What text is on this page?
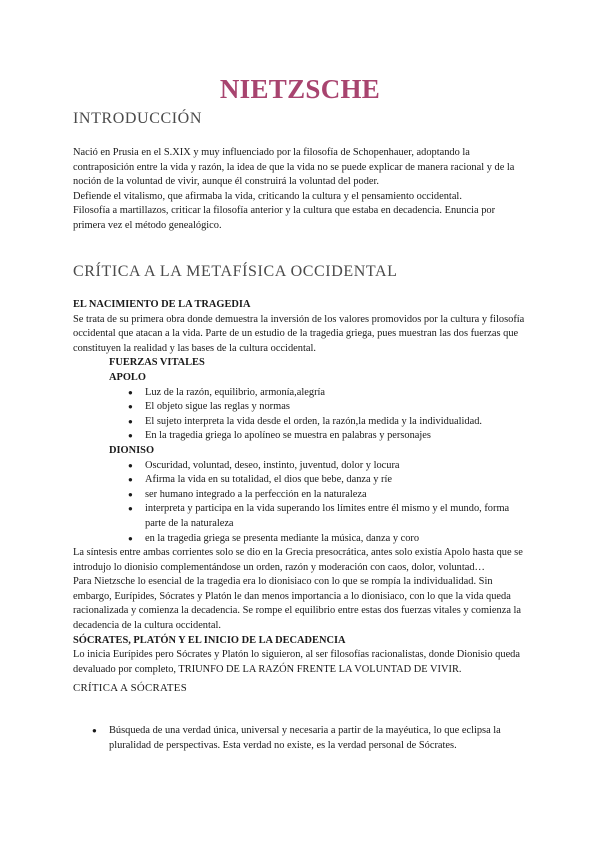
NIETZSCHE
INTRODUCCIÓN

Nació en Prusia en el S.XIX y muy influenciado por la filosofía de Schopenhauer, adoptando la contraposición entre la vida y razón, la idea de que la vida no se puede explicar de manera racional y de la noción de la voluntad de vivir, aunque él construirá la voluntad del poder.

Defiende el vitalismo, que afirmaba la vida, criticando la cultura y el pensamiento occidental.

Filosofía a martillazos, criticar la filosofía anterior y la cultura que estaba en decadencia. Enuncia por primera vez el método genealógico.

CRÍTICA A LA METAFÍSICA OCCIDENTAL

EL NACIMIENTO DE LA TRAGEDIA

Se trata de su primera obra donde demuestra la inversión de los valores promovidos por la cultura y filosofía occidental que atacan a la vida. Parte de un estudio de la tragedia griega, pues muestran las dos fuerzas que constituyen la realidad y las bases de la cultura occidental.

FUERZAS VITALES

APOLO

● Luz de la razón, equilibrio, armonía,alegría
● El objeto sigue las reglas y normas
● El sujeto interpreta la vida desde el orden, la razón,la medida y la individualidad.
● En la tragedia griega lo apolíneo se muestra en palabras y personajes

DIONISO

● Oscuridad, voluntad, deseo, instinto, juventud, dolor y locura
● Afirma la vida en su totalidad, el dios que bebe, danza y ríe
● ser humano integrado a la perfección en la naturaleza
● interpreta y participa en la vida superando los límites entre él mismo y el mundo, forma parte de la naturaleza
● en la tragedia griega se presenta mediante la música, danza y coro

La síntesis entre ambas corrientes solo se dio en la Grecia presocrática, antes solo existía Apolo hasta que se introdujo lo dionisio complementándose un orden, razón y moderación con caos, dolor, voluntad…

Para Nietzsche lo esencial de la tragedia era lo dionisiaco con lo que se rompía la individualidad. Sin embargo, Eurípides, Sócrates y Platón le dan menos importancia a lo dionisiaco, con lo que la vida queda racionalizada y comienza la decadencia. Se rompe el equilibrio entre estas dos fuerzas vitales y comienza la decadencia de la cultura occidental.

SÓCRATES, PLATÓN Y EL INICIO DE LA DECADENCIA

Lo inicia Eurípides pero Sócrates y Platón lo siguieron, al ser filosofías racionalistas, donde Dionisio queda devaluado por completo, TRIUNFO DE LA RAZÓN FRENTE LA VOLUNTAD DE VIVIR.

CRÍTICA A SÓCRATES

● Búsqueda de una verdad única, universal y necesaria a partir de la mayéutica, lo que eclipsa la pluralidad de perspectivas. Esta verdad no existe, es la verdad personal de Sócrates.
